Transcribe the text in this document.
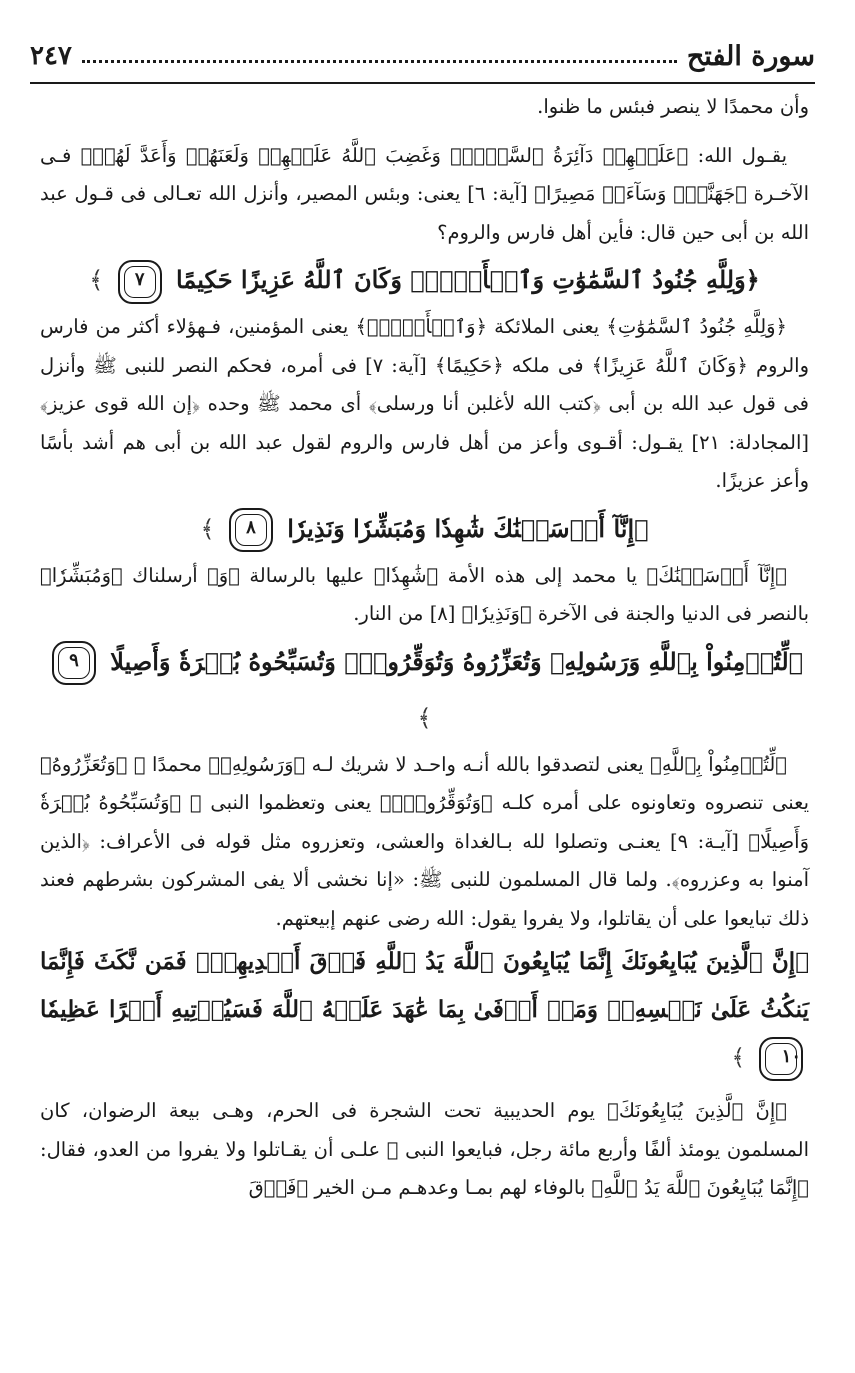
٢٤٧	سورة الفتح

وأن محمدًا لا ينصر فبئس ما ظنوا.

يقـول الله: ﴿عَلَيۡهِمۡ دَآئِرَةُ ٱلسَّوۡءِۖ وَغَضِبَ ٱللَّهُ عَلَيۡهِمۡ وَلَعَنَهُمۡ وَأَعَدَّ لَهُمۡ﴾ فـى الآخـرة ﴿جَهَنَّمَۖ وَسَآءَتۡ مَصِيرًا﴾ [آية: ٦] يعنى: وبئس المصير، وأنزل الله تعـالى فى قـول عبد الله بن أبى حين قال: فأين أهل فارس والروم؟

﴿وَلِلَّهِ جُنُودُ ٱلسَّمَٰوَٰتِ وَٱلۡأَرۡضِۚ وَكَانَ ٱللَّهُ عَزِيزًا حَكِيمًا ٧ ﴾

﴿وَلِلَّهِ جُنُودُ ٱلسَّمَٰوَٰتِ﴾ يعنى الملائكة ﴿وَٱلۡأَرۡضِۚ﴾ يعنى المؤمنين، فـهؤلاء أكثر من فارس والروم ﴿وَكَانَ ٱللَّهُ عَزِيزًا﴾ فى ملكه ﴿حَكِيمًا﴾ [آية: ٧] فى أمره، فحكم النصر للنبى ﷺ وأنزل فى قول عبد الله بن أبى ﴿كتب الله لأغلبن أنا ورسلى﴾ أى محمد ﷺ وحده ﴿إن الله قوى عزيز﴾ [المجادلة: ٢١] يقـول: أقـوى وأعز من أهل فارس والروم لقول عبد الله بن أبى هم أشد بأسًا وأعز عزيزًا.

﴿إِنَّآ أَرۡسَلۡنَٰكَ شَٰهِدٗا وَمُبَشِّرٗا وَنَذِيرٗا ٨ ﴾

﴿إِنَّآ أَرۡسَلۡنَٰكَ﴾ يا محمد إلى هذه الأمة ﴿شَٰهِدٗا﴾ عليها بالرسالة ﴿وَ﴾ أرسلناك ﴿وَمُبَشِّرٗا﴾ بالنصر فى الدنيا والجنة فى الآخرة ﴿وَنَذِيرٗا﴾ [٨] من النار.

﴿لِّتُؤۡمِنُواْ بِٱللَّهِ وَرَسُولِهِۦ وَتُعَزِّرُوهُ وَتُوَقِّرُوهُۚ وَتُسَبِّحُوهُ بُكۡرَةٗ وَأَصِيلًا ٩ ﴾

﴿لِّتُؤۡمِنُواْ بِٱللَّهِ﴾ يعنى لتصدقوا بالله أنـه واحـد لا شريك لـه ﴿وَرَسُولِهِۦ﴾ محمدًا ﷺ ﴿وَتُعَزِّرُوهُ﴾ يعنى تنصروه وتعاونوه على أمره كلـه ﴿وَتُوَقِّرُوهُۚ﴾ يعنى وتعظموا النبى ﷺ ﴿وَتُسَبِّحُوهُ بُكۡرَةٗ وَأَصِيلًا﴾ [آيـة: ٩] يعنـى وتصلوا لله بـالغداة والعشى، وتعزروه مثل قوله فى الأعراف: ﴿الذين آمنوا به وعزروه﴾. ولما قال المسلمون للنبى ﷺ: «إنا نخشى ألا يفى المشركون بشرطهم فعند ذلك تبايعوا على أن يقاتلوا، ولا يفروا يقول: الله رضى عنهم إبيعتهم.

﴿إِنَّ ٱلَّذِينَ يُبَايِعُونَكَ إِنَّمَا يُبَايِعُونَ ٱللَّهَ يَدُ ٱللَّهِ فَوۡقَ أَيۡدِيهِمۡۚ فَمَن نَّكَثَ فَإِنَّمَا يَنكُثُ عَلَىٰ نَفۡسِهِۦۖ وَمَنۡ أَوۡفَىٰ بِمَا عَٰهَدَ عَلَيۡهُ ٱللَّهَ فَسَيُؤۡتِيهِ أَجۡرًا عَظِيمٗا ١٠ ﴾

﴿إِنَّ ٱلَّذِينَ يُبَايِعُونَكَ﴾ يوم الحديبية تحت الشجرة فى الحرم، وهـى بيعة الرضوان، كان المسلمون يومئذ ألفًا وأربع مائة رجل، فبايعوا النبى ﷺ علـى أن يقـاتلوا ولا يفروا من العدو، فقال: ﴿إِنَّمَا يُبَايِعُونَ ٱللَّهَ يَدُ ٱللَّهِ﴾ بالوفاء لهم بمـا وعدهـم مـن الخير ﴿فَوۡقَ
